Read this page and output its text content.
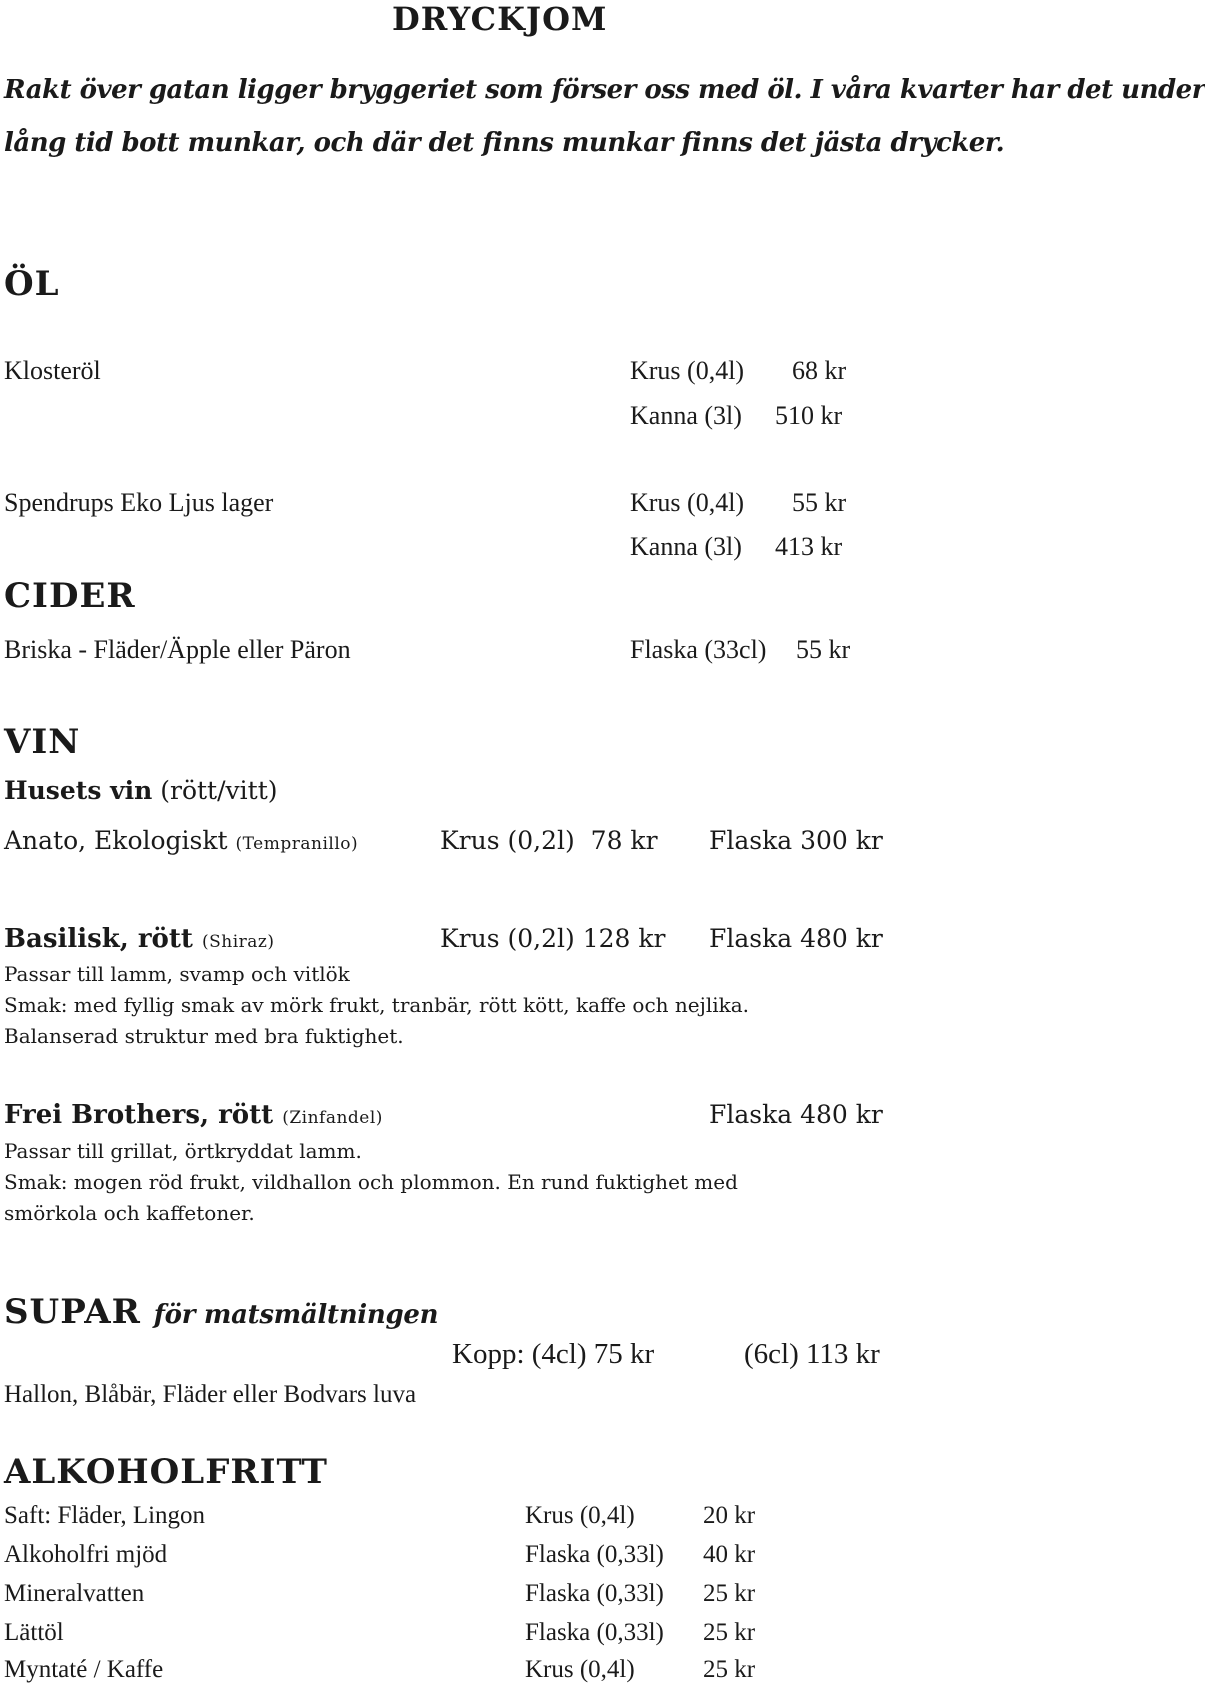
DRYCKJOM
Rakt över gatan ligger bryggeriet som förser oss med öl. I våra kvarter har det under
lång tid bott munkar, och där det finns munkar finns det jästa drycker.
ÖL
Klosteröl	Krus (0,4l) 68 kr
Kanna (3l) 510 kr
Spendrups Eko Ljus lager	Krus (0,4l) 55 kr
Kanna (3l) 413 kr
CIDER
Briska - Fläder/Äpple eller Päron	Flaska (33cl) 55 kr
VIN
Husets vin (rött/vitt)
Anato, Ekologiskt (Tempranillo)	Krus (0,2l) 78 kr Flaska 300 kr
Basilisk, rött (Shiraz)	Krus (0,2l) 128 kr Flaska 480 kr
Passar till lamm, svamp och vitlök
Smak: med fyllig smak av mörk frukt, tranbär, rött kött, kaffe och nejlika.
Balanserad struktur med bra fuktighet.
Frei Brothers, rött (Zinfandel)	Flaska 480 kr
Passar till grillat, örtkryddat lamm.
Smak: mogen röd frukt, vildhallon och plommon. En rund fuktighet med
smörkola och kaffetoner.
SUPAR för matsmältningen
Kopp: (4cl) 75 kr	(6cl) 113 kr
Hallon, Blåbär, Fläder eller Bodvars luva
ALKOHOLFRITT
Saft: Fläder, Lingon	Krus (0,4l)	20 kr
Alkoholfri mjöd	Flaska (0,33l) 40 kr
Mineralvatten	Flaska (0,33l) 25 kr
Lättöl	Flaska (0,33l) 25 kr
Myntaté / Kaffe	Krus (0,4l)	25 kr
